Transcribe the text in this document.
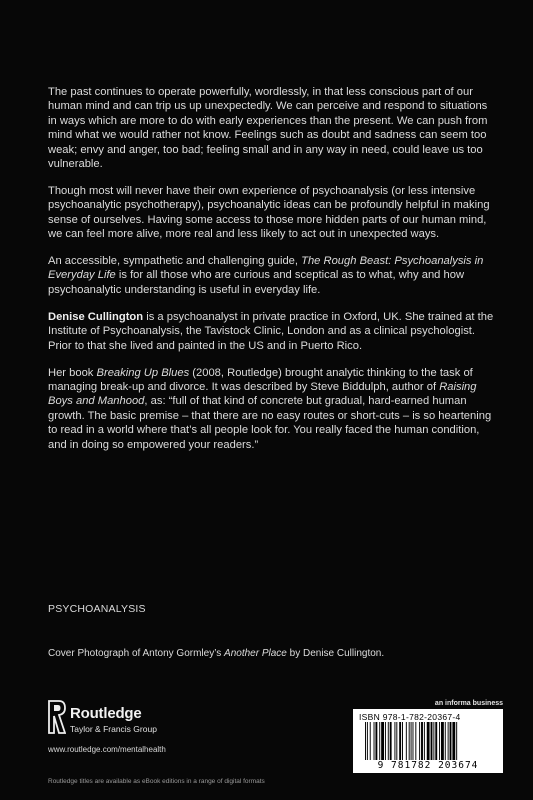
The past continues to operate powerfully, wordlessly, in that less conscious part of our human mind and can trip us up unexpectedly. We can perceive and respond to situations in ways which are more to do with early experiences than the present. We can push from mind what we would rather not know. Feelings such as doubt and sadness can seem too weak; envy and anger, too bad; feeling small and in any way in need, could leave us too vulnerable.

Though most will never have their own experience of psychoanalysis (or less intensive psychoanalytic psychotherapy), psychoanalytic ideas can be profoundly helpful in making sense of ourselves. Having some access to those more hidden parts of our human mind, we can feel more alive, more real and less likely to act out in unexpected ways.

An accessible, sympathetic and challenging guide, The Rough Beast: Psychoanalysis in Everyday Life is for all those who are curious and sceptical as to what, why and how psychoanalytic understanding is useful in everyday life.

Denise Cullington is a psychoanalyst in private practice in Oxford, UK. She trained at the Institute of Psychoanalysis, the Tavistock Clinic, London and as a clinical psychologist. Prior to that she lived and painted in the US and in Puerto Rico.

Her book Breaking Up Blues (2008, Routledge) brought analytic thinking to the task of managing break-up and divorce. It was described by Steve Biddulph, author of Raising Boys and Manhood, as: “full of that kind of concrete but gradual, hard-earned human growth. The basic premise – that there are no easy routes or short-cuts – is so heartening to read in a world where that’s all people look for. You really faced the human condition, and in doing so empowered your readers.”

PSYCHOANALYSIS
Cover Photograph of Antony Gormley’s Another Place by Denise Cullington.
Routledge
Taylor & Francis Group
www.routledge.com/mentalhealth
Routledge titles are available as eBook editions in a range of digital formats
an informa business
ISBN 978-1-782-20367-4
9 781782 203674
